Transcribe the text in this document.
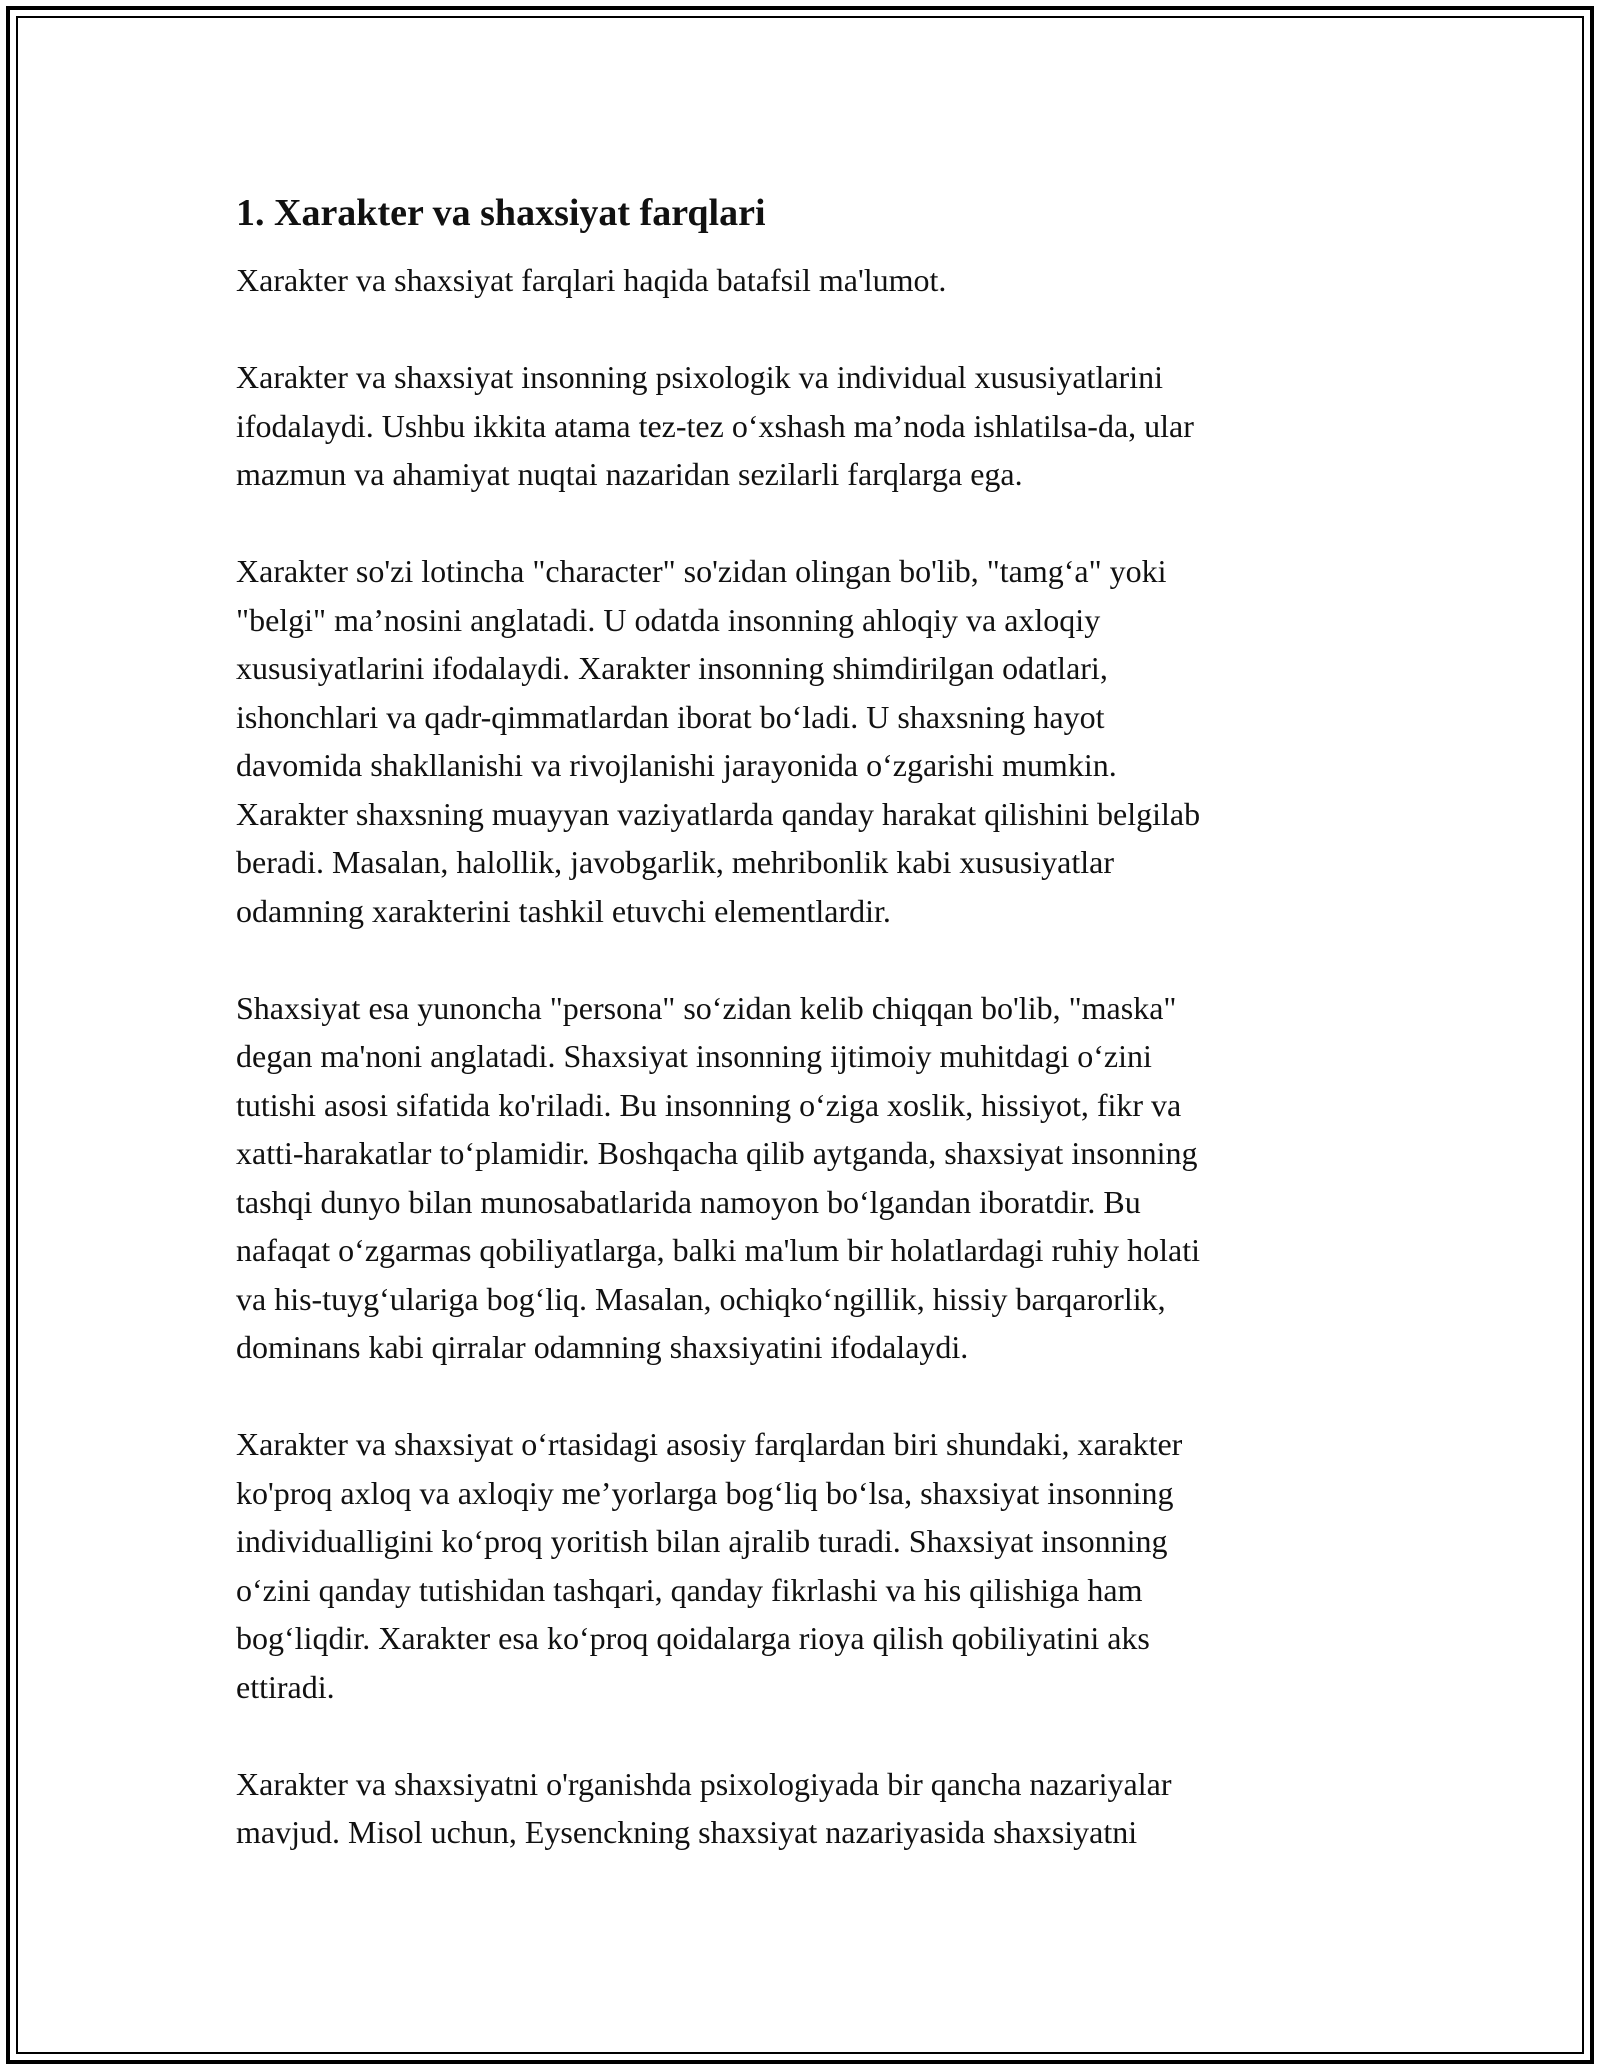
1. Xarakter va shaxsiyat farqlari

Xarakter va shaxsiyat farqlari haqida batafsil ma'lumot.

Xarakter va shaxsiyat insonning psixologik va individual xususiyatlarini
ifodalaydi. Ushbu ikkita atama tez-tez o‘xshash ma’noda ishlatilsa-da, ular
mazmun va ahamiyat nuqtai nazaridan sezilarli farqlarga ega.

Xarakter so'zi lotincha "character" so'zidan olingan bo'lib, "tamg‘a" yoki
"belgi" ma’nosini anglatadi. U odatda insonning ahloqiy va axloqiy
xususiyatlarini ifodalaydi. Xarakter insonning shimdirilgan odatlari,
ishonchlari va qadr-qimmatlardan iborat bo‘ladi. U shaxsning hayot
davomida shakllanishi va rivojlanishi jarayonida o‘zgarishi mumkin.
Xarakter shaxsning muayyan vaziyatlarda qanday harakat qilishini belgilab
beradi. Masalan, halollik, javobgarlik, mehribonlik kabi xususiyatlar
odamning xarakterini tashkil etuvchi elementlardir.

Shaxsiyat esa yunoncha "persona" so‘zidan kelib chiqqan bo'lib, "maska"
degan ma'noni anglatadi. Shaxsiyat insonning ijtimoiy muhitdagi o‘zini
tutishi asosi sifatida ko'riladi. Bu insonning o‘ziga xoslik, hissiyot, fikr va
xatti-harakatlar to‘plamidir. Boshqacha qilib aytganda, shaxsiyat insonning
tashqi dunyo bilan munosabatlarida namoyon bo‘lgandan iboratdir. Bu
nafaqat o‘zgarmas qobiliyatlarga, balki ma'lum bir holatlardagi ruhiy holati
va his-tuyg‘ulariga bog‘liq. Masalan, ochiqko‘ngillik, hissiy barqarorlik,
dominans kabi qirralar odamning shaxsiyatini ifodalaydi.

Xarakter va shaxsiyat o‘rtasidagi asosiy farqlardan biri shundaki, xarakter
ko'proq axloq va axloqiy me’yorlarga bog‘liq bo‘lsa, shaxsiyat insonning
individualligini ko‘proq yoritish bilan ajralib turadi. Shaxsiyat insonning
o‘zini qanday tutishidan tashqari, qanday fikrlashi va his qilishiga ham
bog‘liqdir. Xarakter esa ko‘proq qoidalarga rioya qilish qobiliyatini aks
ettiradi.

Xarakter va shaxsiyatni o'rganishda psixologiyada bir qancha nazariyalar
mavjud. Misol uchun, Eysenckning shaxsiyat nazariyasida shaxsiyatni
